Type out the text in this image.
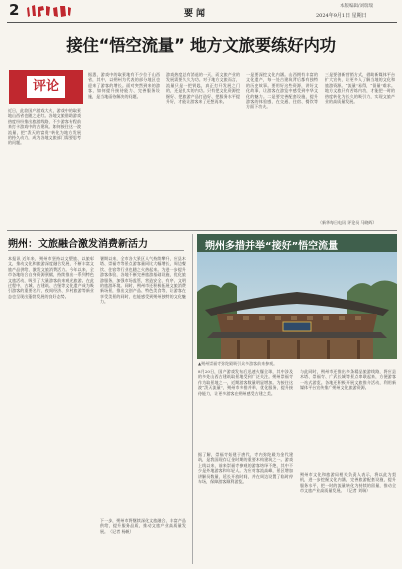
2	要闻
本版编辑/刘瑞瑞
2024年9月1日 星期日
接住“悟空流量” 地方文旅要练好内功
评论
近日，此款国产游戏大火，游戏中的取景地山西省也随之走红。各地文旅借助游戏热度纷纷推出旅游线路，不少游客专程前来打卡游戏中的古建筑。如何接住这一波流量，把“泼天的富贵”转化为地方发展的持久动力，成为各地文旅部门需要思考的问题。
据悉，游戏中的取景地有不少位于山西省，其中，以朔州为代表的部分地区也迎来了游客的增长。面对突然到来的游客，如何提升接待能力、完善服务设施，是当地亟待解决的问题。
游戏热度总有消退的一天，而文旅产业的发展需要久久为功。对于地方文旅而言，流量只是一把钥匙，真正打开发展之门的，还是扎实的内功。只有把文化资源挖掘好、把旅游产品打造好、把服务水平提升好，才能让游客来了还想再来。
一是要深挖文化内涵。山西拥有丰富的文化遗产，每一处古建筑背后都有独特的历史故事。要用好这些资源，讲好文化故事，让游客在游览中感受到中华文化的魅力。二是要完善配套设施，提升游客的体验感，在交通、住宿、餐饮等方面下功夫。
三是要创新营销方式，借助新媒体平台扩大宣传，让更多人了解当地的文化和旅游资源。“流量”易得，“留量”难求。地方文旅只有苦练内功，才能把一时的热度转化为长久的吸引力，实现文旅产业的高质量发展。
（新华每日电讯 评论员 马晓晖）
朔州：文旅融合激发消费新活力
本报讯 近年来，朔州市坚持以文塑旅、以旅彰文，推动文化和旅游深度融合发展，不断丰富文旅产品供给，激发文旅消费活力。今年以来，全市各地结合自身资源禀赋，持续推出一系列特色文旅活动，吸引了大量游客前来观光旅游。在此过程中，古城、古建筑、古堡等文化遗产成为吸引游客的重要名片，夜间经济、乡村旅游等新业态也呈现出蓬勃发展的良好态势。
暑期以来，全市各大景区人气持续攀升，应县木塔、崇福寺等景点游客量同比大幅增长，周边餐饮、住宿等行业也随之火热起来。为进一步提升游客体验，各地不断完善旅游基础设施，优化旅游服务，加强市场监管，营造安全、有序、文明的旅游环境。同时，朔州市还积极拓展文旅消费新场景，推出文创产品、特色美食等，让游客在享受美景的同时，也能感受到朔州独特的文化魅力。
下一步，朔州市将继续深化文旅融合，丰富产品供给，提升服务品质，推动文旅产业高质量发展。（记者 杨帆）
朔州多措并举“接好”悟空流量
▲朔州崇福寺弥陀殿吸引众多游客前来参观。
8月20日，国产游戏发布后迅速火爆全球，其中涉及的多处山西古建筑取景地受到广泛关注。朔州崇福寺作为取景地之一，近期游客数量明显增加。为接住这波“泼天流量”，朔州市多措并举，优化服务，提升接待能力，让更多游客在朔州感受古建之美。
据了解，崇福寺始建于唐代，寺内弥陀殿为金代建筑，是我国现存辽金时期的重要木构建筑之一。游戏上线以来，前来崇福寺参观的游客络绎不绝，其中不少是外地游客和年轻人。为应对客流高峰，景区增加讲解员数量，延长开放时间，并在周边设置了临时停车场，保障游客顺利游览。
与此同时，朔州市还推出多条精品旅游线路，将应县木塔、崇福寺、广武长城等景点串联起来，方便游客一站式游览。各地还积极开展文旅推介活动，利用新媒体平台宣传推广朔州文化旅游资源。
朔州市文化和旅游局相关负责人表示，将以此为契机，进一步挖掘文化内涵，完善旅游配套设施，提升服务水平，把一时的流量转化为持续的留量，推动全市文旅产业高质量发展。（记者 刘瑞）
